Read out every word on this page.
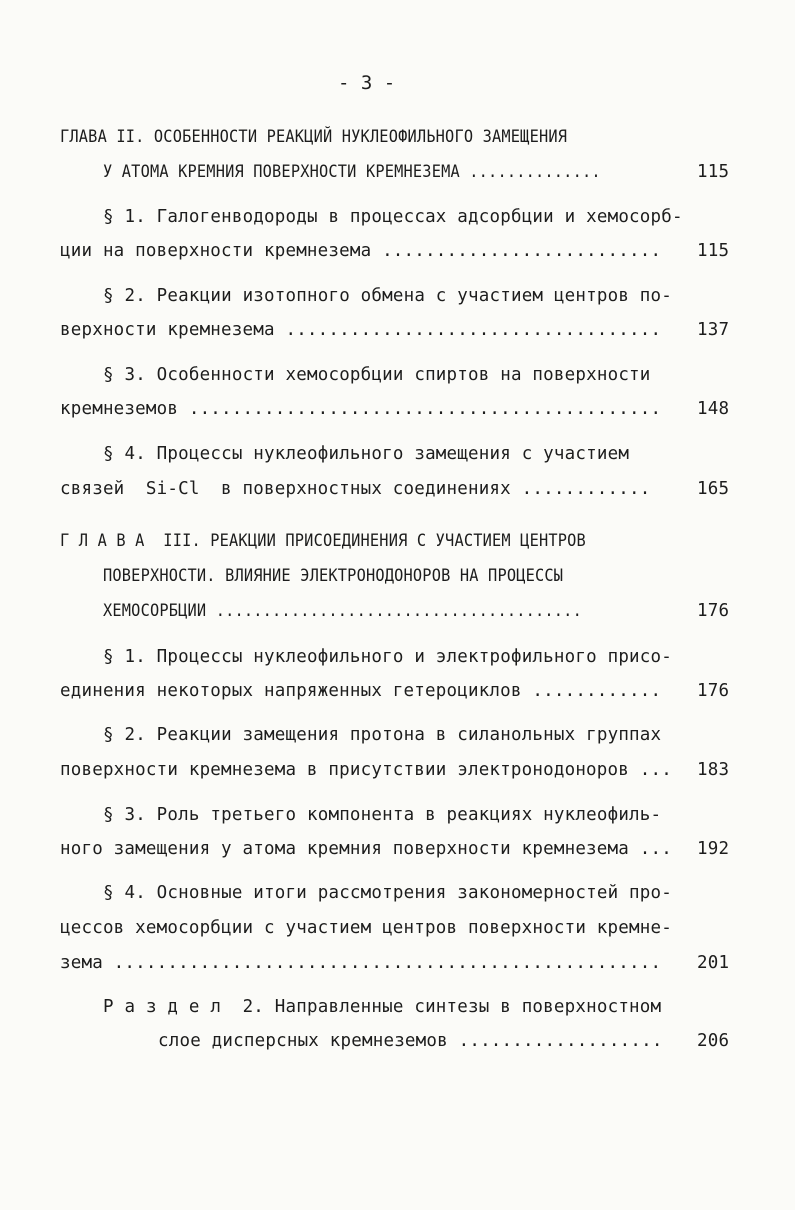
- 3 -
ГЛАВА II. ОСОБЕННОСТИ РЕАКЦИЙ НУКЛЕОФИЛЬНОГО ЗАМЕЩЕНИЯ
У АТОМА КРЕМНИЯ ПОВЕРХНОСТИ КРЕМНЕЗЕМА ..............	115
§ 1. Галогенводороды в процессах адсорбции и хемосорб-
ции на поверхности кремнезема .......................... 115
§ 2. Реакции изотопного обмена с участием центров по-
верхности кремнезема ................................... 137
§ 3. Особенности хемосорбции спиртов на поверхности
кремнеземов ............................................ 148
§ 4. Процессы нуклеофильного замещения с участием
связей  Si-Cl  в поверхностных соединениях ............	165
Г Л А В А  III. РЕАКЦИИ ПРИСОЕДИНЕНИЯ С УЧАСТИЕМ ЦЕНТРОВ
ПОВЕРХНОСТИ. ВЛИЯНИЕ ЭЛЕКТРОНОДОНОРОВ НА ПРОЦЕССЫ
ХЕМОСОРБЦИИ .......................................	176
§ 1. Процессы нуклеофильного и электрофильного присо-
единения некоторых напряженных гетероциклов ............ 176
§ 2. Реакции замещения протона в силанольных группах
поверхности кремнезема в присутствии электронодоноров ... 183
§ 3. Роль третьего компонента в реакциях нуклеофиль-
ного замещения у атома кремния поверхности кремнезема ... 192
§ 4. Основные итоги рассмотрения закономерностей про-
цессов хемосорбции с участием центров поверхности кремне-
зема ................................................... 201
Р а з д е л  2. Направленные синтезы в поверхностном
слое дисперсных кремнеземов ................... 206
